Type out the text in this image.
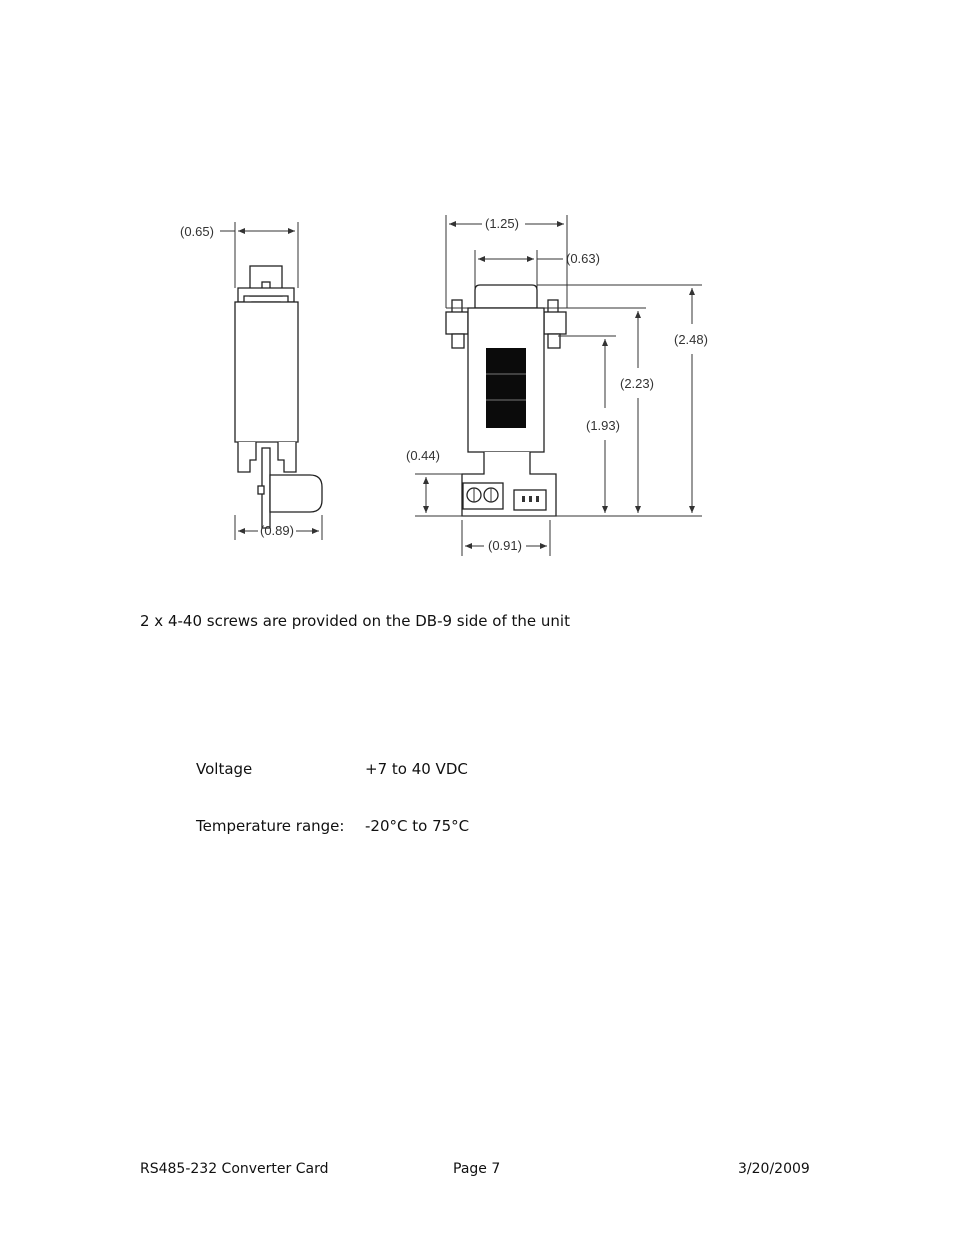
(0.65)
(0.89)
(1.25)
(0.63)
(0.44)
(1.93)
(2.23)
(2.48)
(0.91)
2 x 4-40 screws are provided on the DB-9 side of the unit
Voltage	+7 to 40 VDC
Temperature range: -20°C to 75°C
RS485-232 Converter Card	Page 7	3/20/2009
